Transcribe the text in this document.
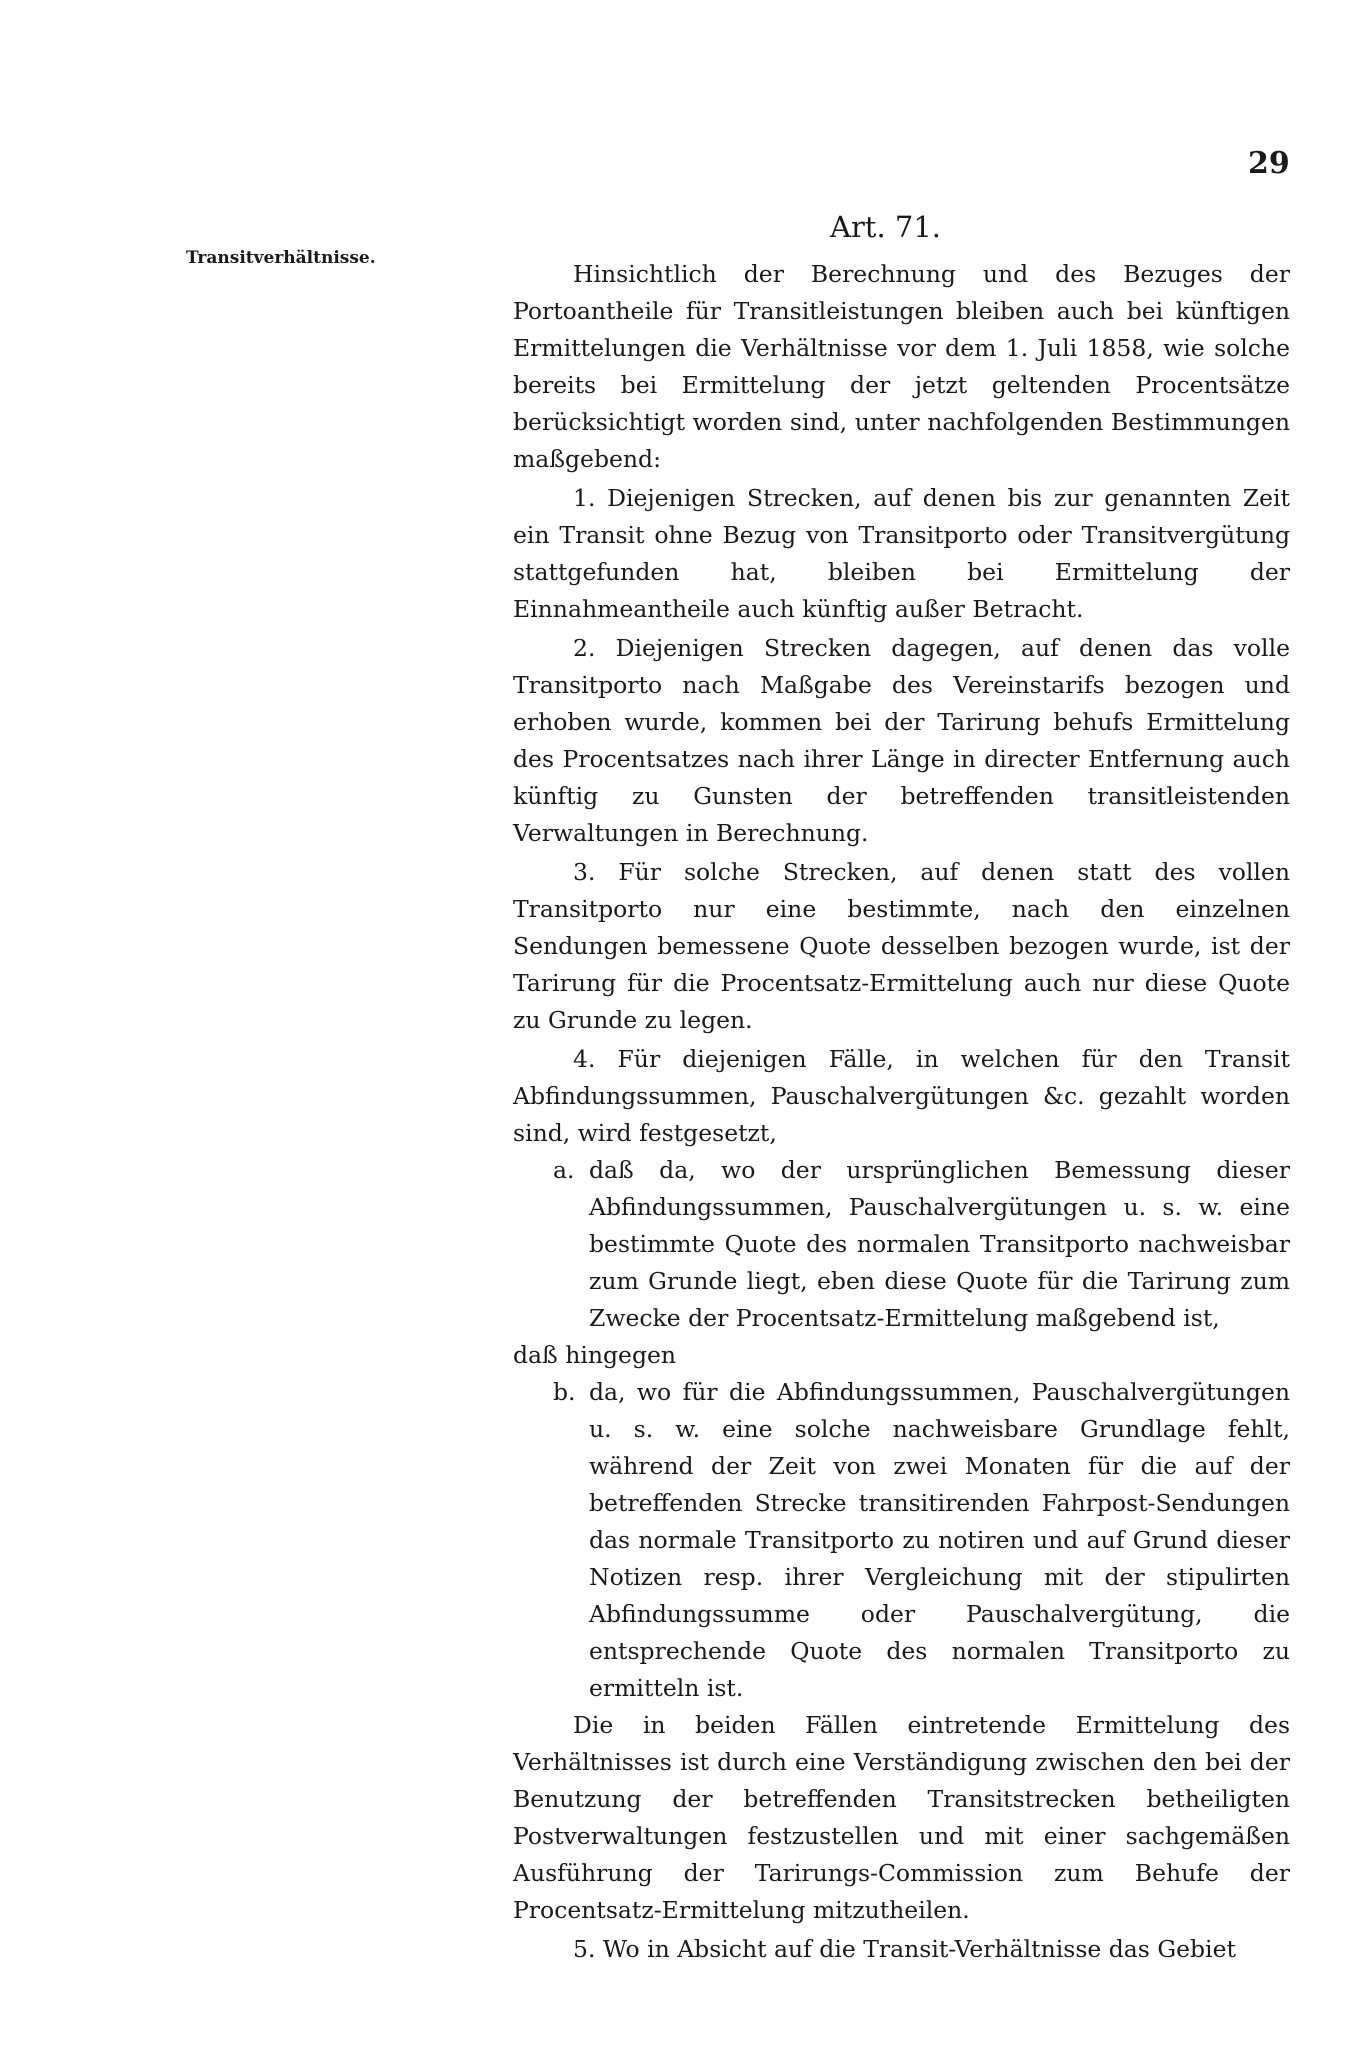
29
Transitverhältnisse.
Art. 71.

Hinsichtlich der Berechnung und des Bezuges der Portoantheile für Transitleistungen bleiben auch bei künftigen Ermittelungen die Verhältnisse vor dem 1. Juli 1858, wie solche bereits bei Ermittelung der jetzt geltenden Procentsätze berücksichtigt worden sind, unter nachfolgenden Bestimmungen maßgebend:

1. Diejenigen Strecken, auf denen bis zur genannten Zeit ein Transit ohne Bezug von Transitporto oder Transitvergütung stattgefunden hat, bleiben bei Ermittelung der Einnahmeantheile auch künftig außer Betracht.

2. Diejenigen Strecken dagegen, auf denen das volle Transitporto nach Maßgabe des Vereinstarifs bezogen und erhoben wurde, kommen bei der Tarirung behufs Ermittelung des Procentsatzes nach ihrer Länge in directer Entfernung auch künftig zu Gunsten der betreffenden transitleistenden Verwaltungen in Berechnung.

3. Für solche Strecken, auf denen statt des vollen Transitporto nur eine bestimmte, nach den einzelnen Sendungen bemessene Quote desselben bezogen wurde, ist der Tarirung für die Procentsatz-Ermittelung auch nur diese Quote zu Grunde zu legen.

4. Für diejenigen Fälle, in welchen für den Transit Abfindungssummen, Pauschalvergütungen &c. gezahlt worden sind, wird festgesetzt,

a. daß da, wo der ursprünglichen Bemessung dieser Abfindungssummen, Pauschalvergütungen u. s. w. eine bestimmte Quote des normalen Transitporto nachweisbar zum Grunde liegt, eben diese Quote für die Tarirung zum Zwecke der Procentsatz-Ermittelung maßgebend ist,

daß hingegen

b. da, wo für die Abfindungssummen, Pauschalvergütungen u. s. w. eine solche nachweisbare Grundlage fehlt, während der Zeit von zwei Monaten für die auf der betreffenden Strecke transitirenden Fahrpost-Sendungen das normale Transitporto zu notiren und auf Grund dieser Notizen resp. ihrer Vergleichung mit der stipulirten Abfindungssumme oder Pauschalvergütung, die entsprechende Quote des normalen Transitporto zu ermitteln ist.

Die in beiden Fällen eintretende Ermittelung des Verhältnisses ist durch eine Verständigung zwischen den bei der Benutzung der betreffenden Transitstrecken betheiligten Postverwaltungen festzustellen und mit einer sachgemäßen Ausführung der Tarirungs-Commission zum Behufe der Procentsatz-Ermittelung mitzutheilen.

5. Wo in Absicht auf die Transit-Verhältnisse das Gebiet
